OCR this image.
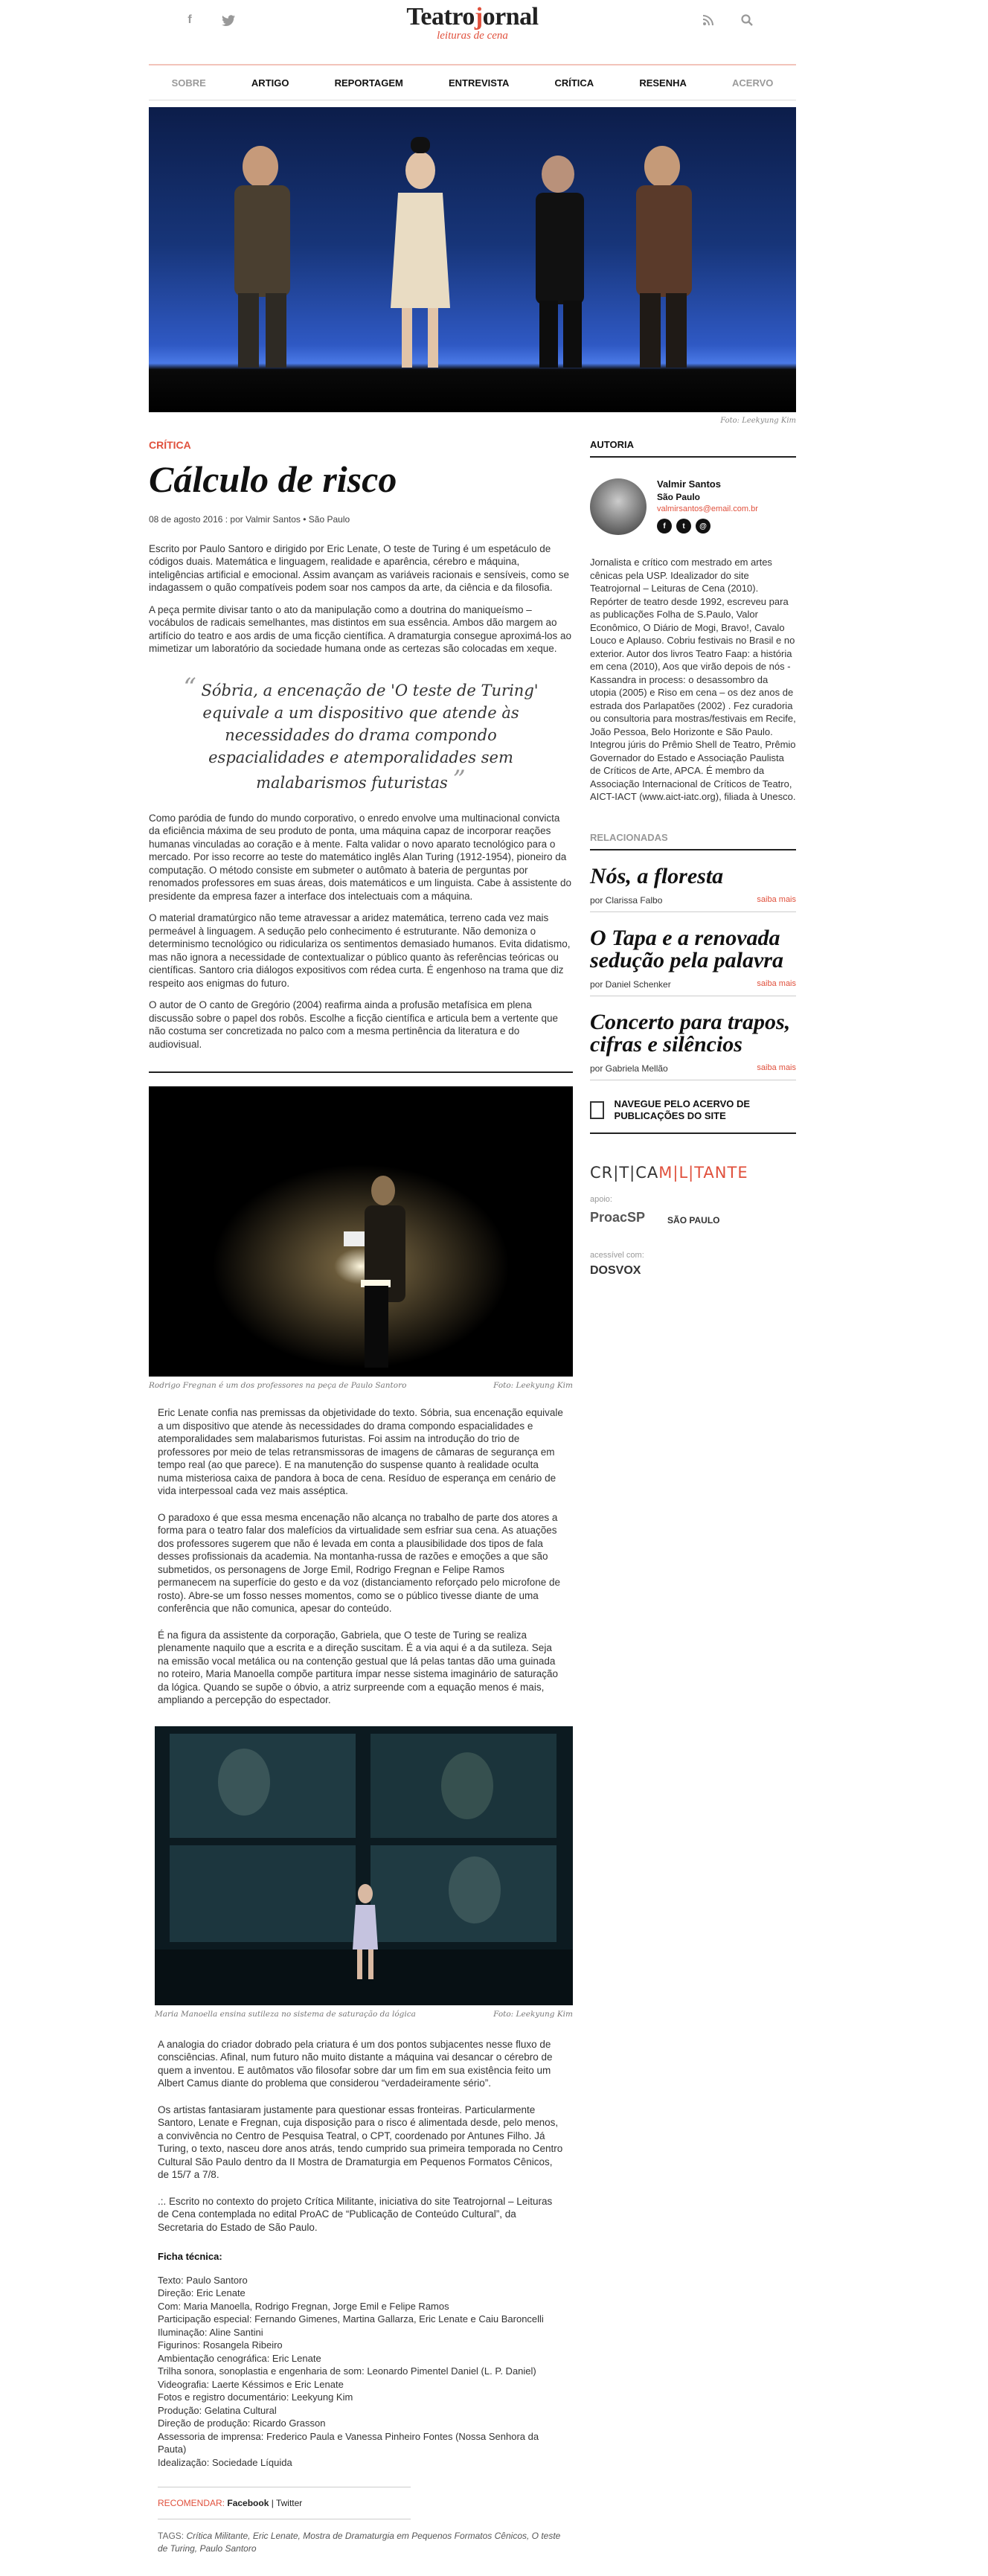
f	Teatrojornal
leituras de cena
SOBRE	ARTIGO	REPORTAGEM	ENTREVISTA	CRÍTICA	RESENHA	ACERVO
Foto: Leekyung Kim
CRÍTICA
Cálculo de risco
08 de agosto 2016 : por Valmir Santos • São Paulo

Escrito por Paulo Santoro e dirigido por Eric Lenate, O teste de Turing é um espetáculo de códigos duais. Matemática e linguagem, realidade e aparência, cérebro e máquina, inteligências artificial e emocional. Assim avançam as variáveis racionais e sensíveis, como se indagassem o quão compatíveis podem soar nos campos da arte, da ciência e da filosofia.

A peça permite divisar tanto o ato da manipulação como a doutrina do maniqueísmo – vocábulos de radicais semelhantes, mas distintos em sua essência. Ambos dão margem ao artifício do teatro e aos ardis de uma ficção científica. A dramaturgia consegue aproximá-los ao mimetizar um laboratório da sociedade humana onde as certezas são colocadas em xeque.

“ Sóbria, a encenação de 'O teste de Turing' equivale a um dispositivo que atende às necessidades do drama compondo espacialidades e atemporalidades sem malabarismos futuristas ”

Como paródia de fundo do mundo corporativo, o enredo envolve uma multinacional convicta da eficiência máxima de seu produto de ponta, uma máquina capaz de incorporar reações humanas vinculadas ao coração e à mente. Falta validar o novo aparato tecnológico para o mercado. Por isso recorre ao teste do matemático inglês Alan Turing (1912-1954), pioneiro da computação. O método consiste em submeter o autômato à bateria de perguntas por renomados professores em suas áreas, dois matemáticos e um linguista. Cabe à assistente do presidente da empresa fazer a interface dos intelectuais com a máquina.

O material dramatúrgico não teme atravessar a aridez matemática, terreno cada vez mais permeável à linguagem. A sedução pelo conhecimento é estruturante. Não demoniza o determinismo tecnológico ou ridiculariza os sentimentos demasiado humanos. Evita didatismo, mas não ignora a necessidade de contextualizar o público quanto às referências teóricas ou científicas. Santoro cria diálogos expositivos com rédea curta. É engenhoso na trama que diz respeito aos enigmas do futuro.

O autor de O canto de Gregório (2004) reafirma ainda a profusão metafísica em plena discussão sobre o papel dos robôs. Escolhe a ficção científica e articula bem a vertente que não costuma ser concretizada no palco com a mesma pertinência da literatura e do audiovisual.

Rodrigo Fregnan é um dos professores na peça de Paulo Santoro	Foto: Leekyung Kim

Eric Lenate confia nas premissas da objetividade do texto. Sóbria, sua encenação equivale a um dispositivo que atende às necessidades do drama compondo espacialidades e atemporalidades sem malabarismos futuristas. Foi assim na introdução do trio de professores por meio de telas retransmissoras de imagens de câmaras de segurança em tempo real (ao que parece). E na manutenção do suspense quanto à realidade oculta numa misteriosa caixa de pandora à boca de cena. Resíduo de esperança em cenário de vida interpessoal cada vez mais asséptica.

O paradoxo é que essa mesma encenação não alcança no trabalho de parte dos atores a forma para o teatro falar dos malefícios da virtualidade sem esfriar sua cena. As atuações dos professores sugerem que não é levada em conta a plausibilidade dos tipos de fala desses profissionais da academia. Na montanha-russa de razões e emoções a que são submetidos, os personagens de Jorge Emil, Rodrigo Fregnan e Felipe Ramos permanecem na superfície do gesto e da voz (distanciamento reforçado pelo microfone de rosto). Abre-se um fosso nesses momentos, como se o público tivesse diante de uma conferência que não comunica, apesar do conteúdo.

É na figura da assistente da corporação, Gabriela, que O teste de Turing se realiza plenamente naquilo que a escrita e a direção suscitam. É a via aqui é a da sutileza. Seja na emissão vocal metálica ou na contenção gestual que lá pelas tantas dão uma guinada no roteiro, Maria Manoella compõe partitura ímpar nesse sistema imaginário de saturação da lógica. Quando se supõe o óbvio, a atriz surpreende com a equação menos é mais, ampliando a percepção do espectador.

Maria Manoella ensina sutileza no sistema de saturação da lógica	Foto: Leekyung Kim

A analogia do criador dobrado pela criatura é um dos pontos subjacentes nesse fluxo de consciências. Afinal, num futuro não muito distante a máquina vai desancar o cérebro de quem a inventou. E autômatos vão filosofar sobre dar um fim em sua existência feito um Albert Camus diante do problema que considerou “verdadeiramente sério”.

Os artistas fantasiaram justamente para questionar essas fronteiras. Particularmente Santoro, Lenate e Fregnan, cuja disposição para o risco é alimentada desde, pelo menos, a convivência no Centro de Pesquisa Teatral, o CPT, coordenado por Antunes Filho. Já Turing, o texto, nasceu dore anos atrás, tendo cumprido sua primeira temporada no Centro Cultural São Paulo dentro da II Mostra de Dramaturgia em Pequenos Formatos Cênicos, de 15/7 a 7/8.

.:. Escrito no contexto do projeto Crítica Militante, iniciativa do site Teatrojornal – Leituras de Cena contemplada no edital ProAC de “Publicação de Conteúdo Cultural”, da Secretaria do Estado de São Paulo.

Ficha técnica:
Texto: Paulo Santoro
Direção: Eric Lenate
Com: Maria Manoella, Rodrigo Fregnan, Jorge Emil e Felipe Ramos
Participação especial: Fernando Gimenes, Martina Gallarza, Eric Lenate e Caiu Baroncelli
Iluminação: Aline Santini
Figurinos: Rosangela Ribeiro
Ambientação cenográfica: Eric Lenate
Trilha sonora, sonoplastia e engenharia de som: Leonardo Pimentel Daniel (L. P. Daniel)
Videografia: Laerte Késsimos e Eric Lenate
Fotos e registro documentário: Leekyung Kim
Produção: Gelatina Cultural
Direção de produção: Ricardo Grasson
Assessoria de imprensa: Frederico Paula e Vanessa Pinheiro Fontes (Nossa Senhora da Pauta)
Idealização: Sociedade Líquida
RECOMENDAR: Facebook | Twitter
TAGS: Crítica Militante, Eric Lenate, Mostra de Dramaturgia em Pequenos Formatos Cênicos, O teste de Turing, Paulo Santoro
AUTORIA
Valmir Santos
São Paulo
valmirsantos@email.com.br
f	t	@

Jornalista e crítico com mestrado em artes cênicas pela USP. Idealizador do site Teatrojornal – Leituras de Cena (2010). Repórter de teatro desde 1992, escreveu para as publicações Folha de S.Paulo, Valor Econômico, O Diário de Mogi, Bravo!, Cavalo Louco e Aplauso. Cobriu festivais no Brasil e no exterior. Autor dos livros Teatro Faap: a história em cena (2010), Aos que virão depois de nós - Kassandra in process: o desassombro da utopia (2005) e Riso em cena – os dez anos de estrada dos Parlapatões (2002) . Fez curadoria ou consultoria para mostras/festivais em Recife, João Pessoa, Belo Horizonte e São Paulo. Integrou júris do Prêmio Shell de Teatro, Prêmio Governador do Estado e Associação Paulista de Críticos de Arte, APCA. É membro da Associação Internacional de Críticos de Teatro, AICT-IACT (www.aict-iatc.org), filiada à Unesco.

RELACIONADAS
Nós, a floresta
por Clarissa Falbo	saiba mais
O Tapa e a renovada sedução pela palavra
por Daniel Schenker	saiba mais
Concerto para trapos, cifras e silêncios
por Gabriela Mellão	saiba mais
NAVEGUE PELO ACERVO DE PUBLICAÇÕES DO SITE
CR|T|CAM|L|TANTE
apoio:
ProacSP	SÃO PAULO
acessível com:
DOSVOX
